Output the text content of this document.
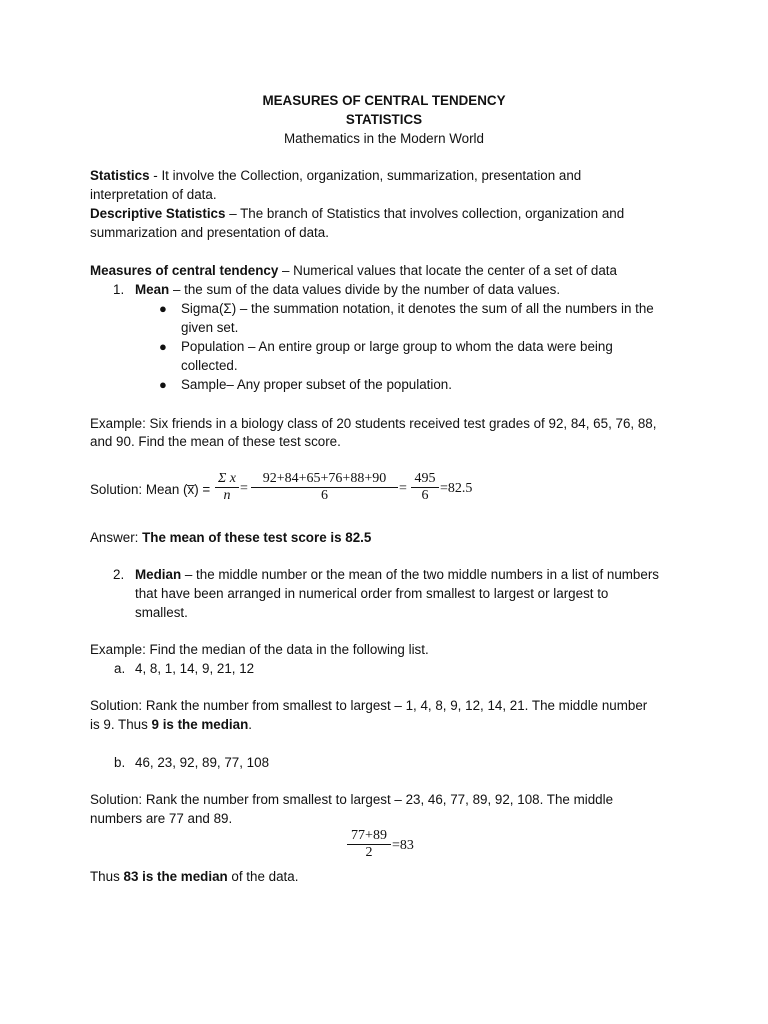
MEASURES OF CENTRAL TENDENCY
STATISTICS
Mathematics in the Modern World
Statistics - It involve the Collection, organization, summarization, presentation and
interpretation of data.
Descriptive Statistics – The branch of Statistics that involves collection, organization and
summarization and presentation of data.
Measures of central tendency – Numerical values that locate the center of a set of data
1. Mean – the sum of the data values divide by the number of data values.
● Sigma(Σ) – the summation notation, it denotes the sum of all the numbers in the
given set.
● Population – An entire group or large group to whom the data were being
collected.
● Sample– Any proper subset of the population.
Example: Six friends in a biology class of 20 students received test grades of 92, 84, 65, 76, 88,
and 90. Find the mean of these test score.
Solution: Mean (x̅) = $\frac{\text{Σ x}}{n} = \frac{92+84+65+76+88+90}{6} = \frac{495}{6} =82.5$
Answer: The mean of these test score is 82.5
2. Median – the middle number or the mean of the two middle numbers in a list of numbers
that have been arranged in numerical order from smallest to largest or largest to
smallest.
Example: Find the median of the data in the following list.
a. 4, 8, 1, 14, 9, 21, 12
Solution: Rank the number from smallest to largest – 1, 4, 8, 9, 12, 14, 21. The middle number
is 9. Thus 9 is the median.
b. 46, 23, 92, 89, 77, 108
Solution: Rank the number from smallest to largest – 23, 46, 77, 89, 92, 108. The middle
numbers are 77 and 89.
$\frac{77+89}{2} =83$
Thus 83 is the median of the data.
